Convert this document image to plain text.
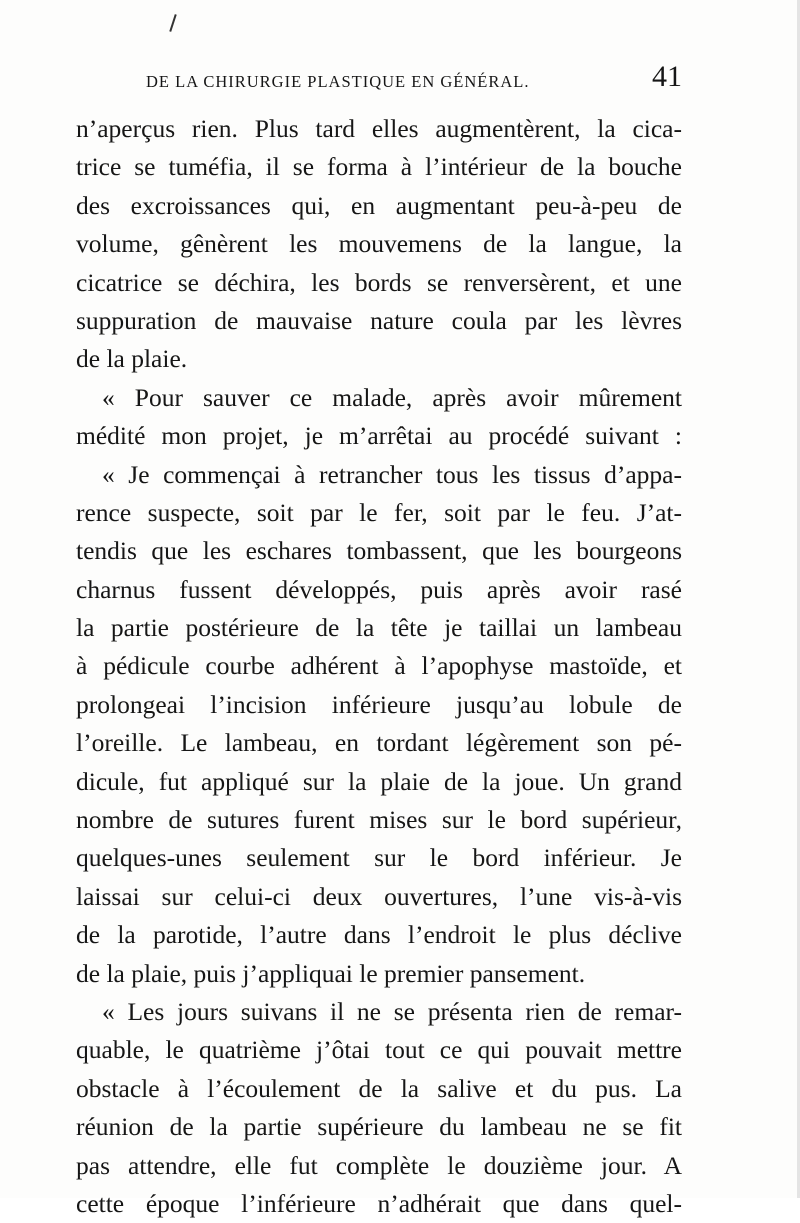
DE LA CHIRURGIE PLASTIQUE EN GÉNÉRAL.	41
n’aperçus rien. Plus tard elles augmentèrent, la cica-
trice se tuméfia, il se forma à l’intérieur de la bouche
des excroissances qui, en augmentant peu-à-peu de
volume, gênèrent les mouvemens de la langue, la
cicatrice se déchira, les bords se renversèrent, et une
suppuration de mauvaise nature coula par les lèvres
de la plaie.
« Pour sauver ce malade, après avoir mûrement
médité mon projet, je m’arrêtai au procédé suivant :
« Je commençai à retrancher tous les tissus d’appa-
rence suspecte, soit par le fer, soit par le feu. J’at-
tendis que les eschares tombassent, que les bourgeons
charnus fussent développés, puis après avoir rasé
la partie postérieure de la tête je taillai un lambeau
à pédicule courbe adhérent à l’apophyse mastoïde, et
prolongeai l’incision inférieure jusqu’au lobule de
l’oreille. Le lambeau, en tordant légèrement son pé-
dicule, fut appliqué sur la plaie de la joue. Un grand
nombre de sutures furent mises sur le bord supérieur,
quelques-unes seulement sur le bord inférieur. Je
laissai sur celui-ci deux ouvertures, l’une vis-à-vis
de la parotide, l’autre dans l’endroit le plus déclive
de la plaie, puis j’appliquai le premier pansement.
« Les jours suivans il ne se présenta rien de remar-
quable, le quatrième j’ôtai tout ce qui pouvait mettre
obstacle à l’écoulement de la salive et du pus. La
réunion de la partie supérieure du lambeau ne se fit
pas attendre, elle fut complète le douzième jour. A
cette époque l’inférieure n’adhérait que dans quel-
